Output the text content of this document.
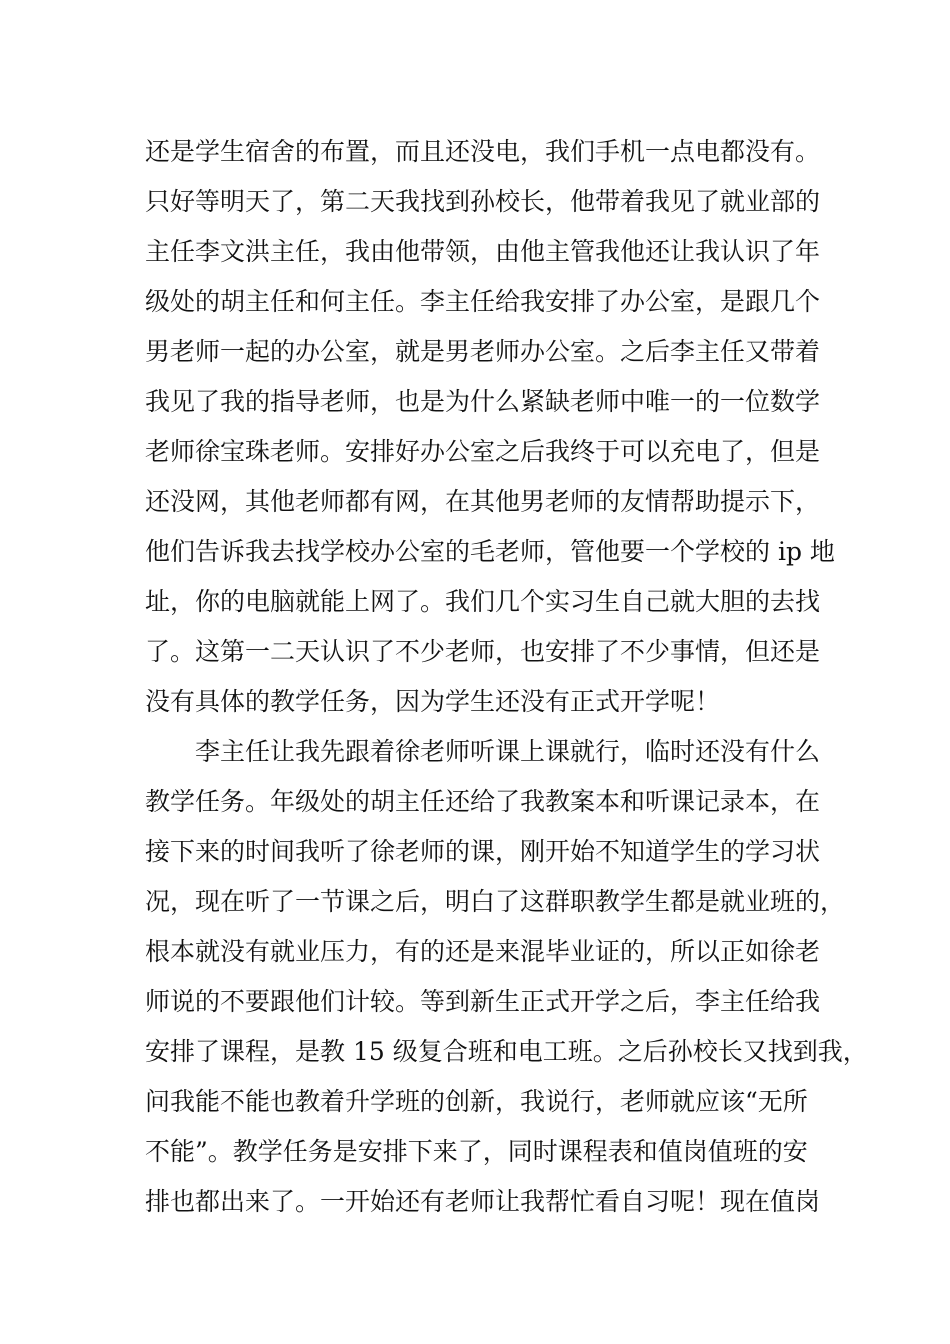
还是学生宿舍的布置，而且还没电，我们手机一点电都没有。
只好等明天了，第二天我找到孙校长，他带着我见了就业部的
主任李文洪主任，我由他带领，由他主管我他还让我认识了年
级处的胡主任和何主任。李主任给我安排了办公室，是跟几个
男老师一起的办公室，就是男老师办公室。之后李主任又带着
我见了我的指导老师，也是为什么紧缺老师中唯一的一位数学
老师徐宝珠老师。安排好办公室之后我终于可以充电了，但是
还没网，其他老师都有网，在其他男老师的友情帮助提示下，
他们告诉我去找学校办公室的毛老师，管他要一个学校的 ip 地
址，你的电脑就能上网了。我们几个实习生自己就大胆的去找
了。这第一二天认识了不少老师，也安排了不少事情，但还是
没有具体的教学任务，因为学生还没有正式开学呢！
李主任让我先跟着徐老师听课上课就行，临时还没有什么
教学任务。年级处的胡主任还给了我教案本和听课记录本，在
接下来的时间我听了徐老师的课，刚开始不知道学生的学习状
况，现在听了一节课之后，明白了这群职教学生都是就业班的，
根本就没有就业压力，有的还是来混毕业证的，所以正如徐老
师说的不要跟他们计较。等到新生正式开学之后，李主任给我
安排了课程，是教 15 级复合班和电工班。之后孙校长又找到我，
问我能不能也教着升学班的创新，我说行，老师就应该“无所
不能”。教学任务是安排下来了，同时课程表和值岗值班的安
排也都出来了。一开始还有老师让我帮忙看自习呢！现在值岗
